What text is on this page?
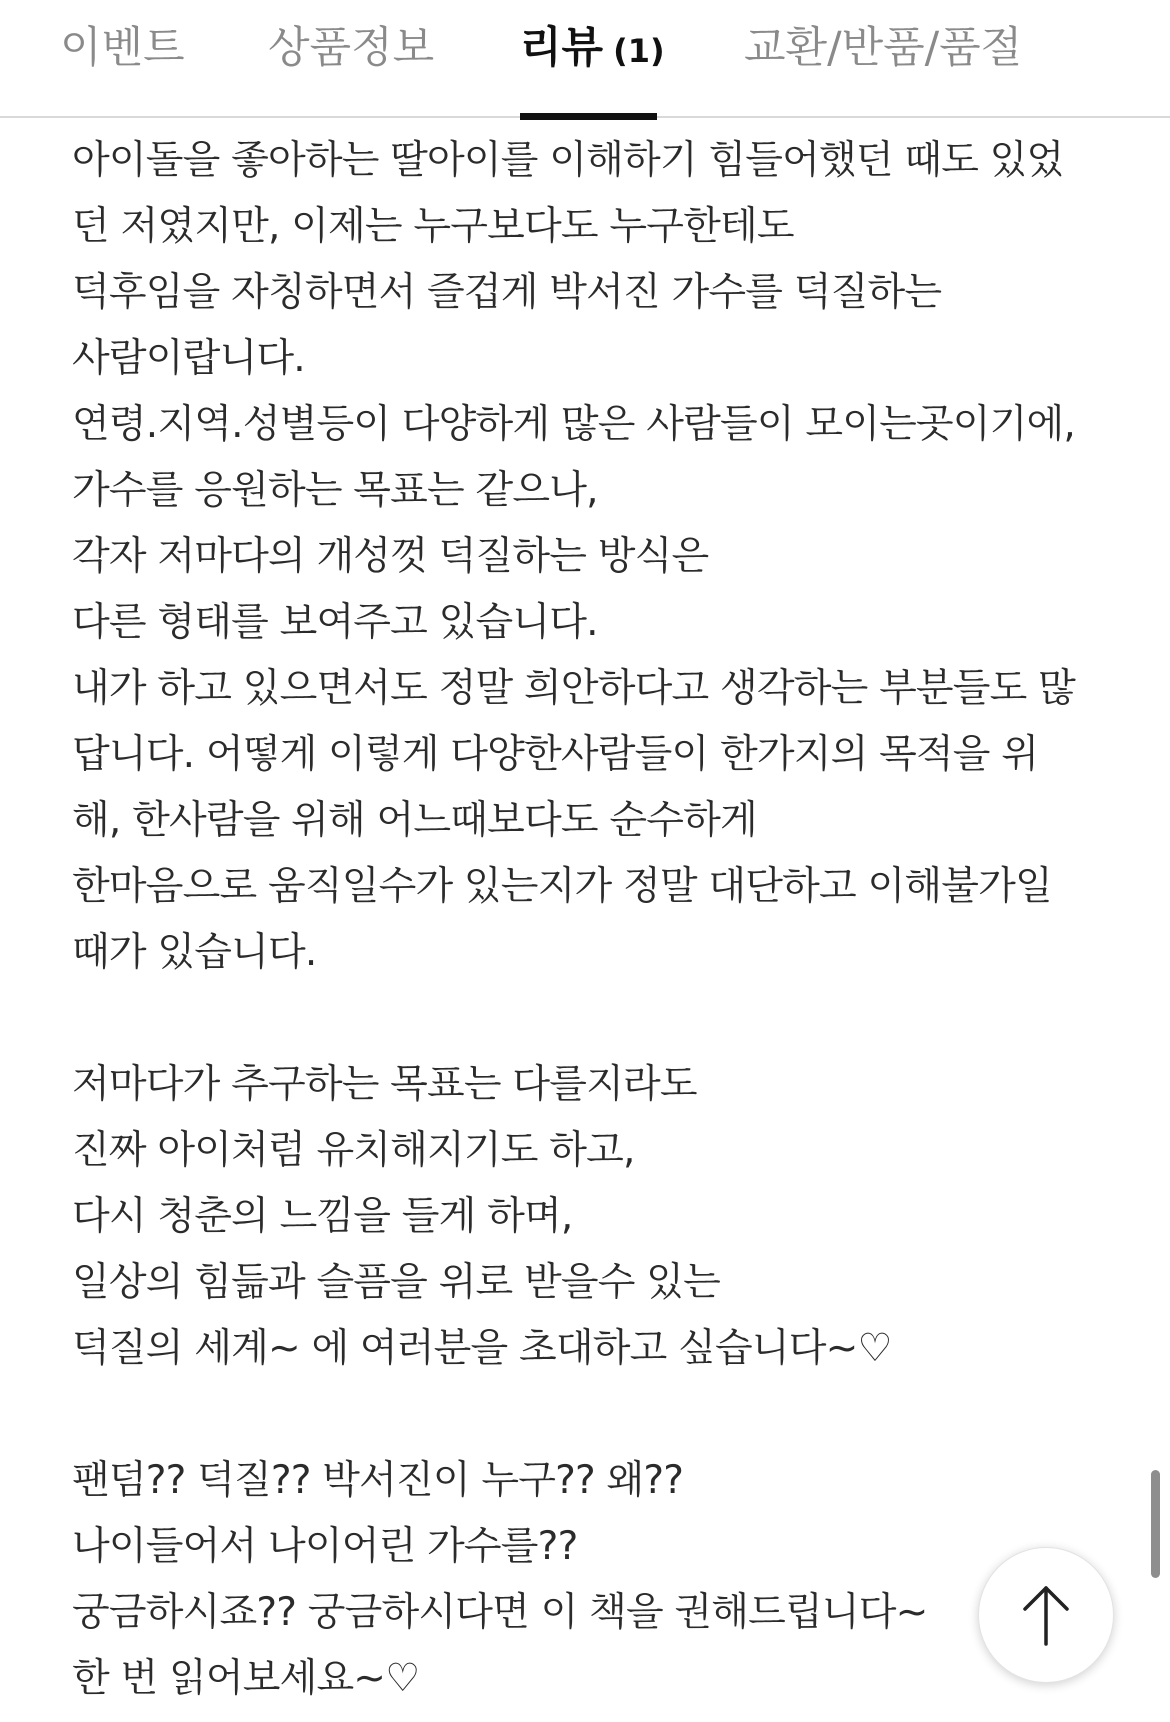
이벤트 상품정보 리뷰 (1) 교환/반품/품절
아이돌을 좋아하는 딸아이를 이해하기 힘들어했던 때도 있었
던 저였지만, 이제는 누구보다도 누구한테도
덕후임을 자칭하면서 즐겁게 박서진 가수를 덕질하는
사람이랍니다.
연령.지역.성별등이 다양하게 많은 사람들이 모이는곳이기에,
가수를 응원하는 목표는 같으나,
각자 저마다의 개성껏 덕질하는 방식은
다른 형태를 보여주고 있습니다.
내가 하고 있으면서도 정말 희안하다고 생각하는 부분들도 많
답니다. 어떻게 이렇게 다양한사람들이 한가지의 목적을 위
해, 한사람을 위해 어느때보다도 순수하게
한마음으로 움직일수가 있는지가 정말 대단하고 이해불가일
때가 있습니다.
저마다가 추구하는 목표는 다를지라도
진짜 아이처럼 유치해지기도 하고,
다시 청춘의 느낌을 들게 하며,
일상의 힘듦과 슬픔을 위로 받을수 있는
덕질의 세계~ 에 여러분을 초대하고 싶습니다~♡
팬덤?? 덕질?? 박서진이 누구?? 왜??
나이들어서 나이어린 가수를??
궁금하시죠?? 궁금하시다면 이 책을 권해드립니다~
한 번 읽어보세요~♡
